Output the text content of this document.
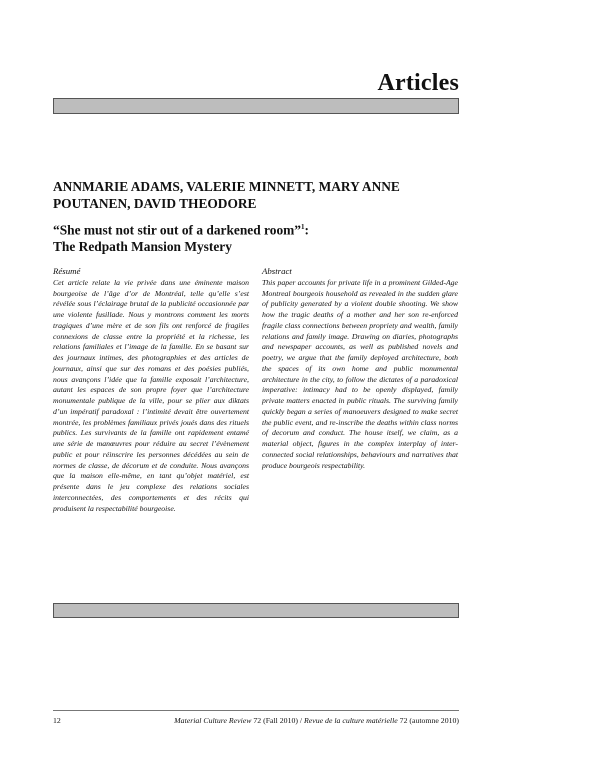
Articles
ANNMARIE ADAMS, VALERIE MINNETT, MARY ANNE POUTANEN, DAVID THEODORE
“She must not stir out of a darkened room”$^1$:
The Redpath Mansion Mystery
Résumé
Cet article relate la vie privée dans une éminente maison bourgeoise de l’âge d’or de Montréal, telle qu’elle s’est révélée sous l’éclairage brutal de la publicité occasionnée par une violente fusillade. Nous y montrons comment les morts tragiques d’une mère et de son fils ont renforcé de fragiles connexions de classe entre la propriété et la richesse, les relations familiales et l’image de la famille. En se basant sur des journaux intimes, des photographies et des articles de journaux, ainsi que sur des romans et des poésies publiés, nous avançons l’idée que la famille exposait l’architecture, autant les espaces de son propre foyer que l’architecture monumentale publique de la ville, pour se plier aux diktats d’un impératif paradoxal : l’intimité devait être ouvertement montrée, les problèmes familiaux privés joués dans des rituels publics. Les survivants de la famille ont rapidement entamé une série de manœuvres pour réduire au secret l’évènement public et pour réinscrire les personnes décédées au sein de normes de classe, de décorum et de conduite. Nous avançons que la maison elle-même, en tant qu’objet matériel, est présente dans le jeu complexe des relations sociales interconnectées, des comportements et des récits qui produisent la respectabilité bourgeoise.
Abstract
This paper accounts for private life in a prominent Gilded-Age Montreal bourgeois household as revealed in the sudden glare of publicity generated by a violent double shooting. We show how the tragic deaths of a mother and her son re-enforced fragile class connections between propriety and wealth, family relations and family image. Drawing on diaries, photographs and newspaper accounts, as well as published novels and poetry, we argue that the family deployed architecture, both the spaces of its own home and public monumental architecture in the city, to follow the dictates of a paradoxical imperative: intimacy had to be openly displayed, family private matters enacted in public rituals. The surviving family quickly began a series of manoeuvers designed to make secret the public event, and re-inscribe the deaths within class norms of decorum and conduct. The house itself, we claim, as a material object, figures in the complex interplay of inter-connected social relationships, behaviours and narratives that produce bourgeois respectability.
12	Material Culture Review 72 (Fall 2010) / Revue de la culture matérielle 72 (automne 2010)
